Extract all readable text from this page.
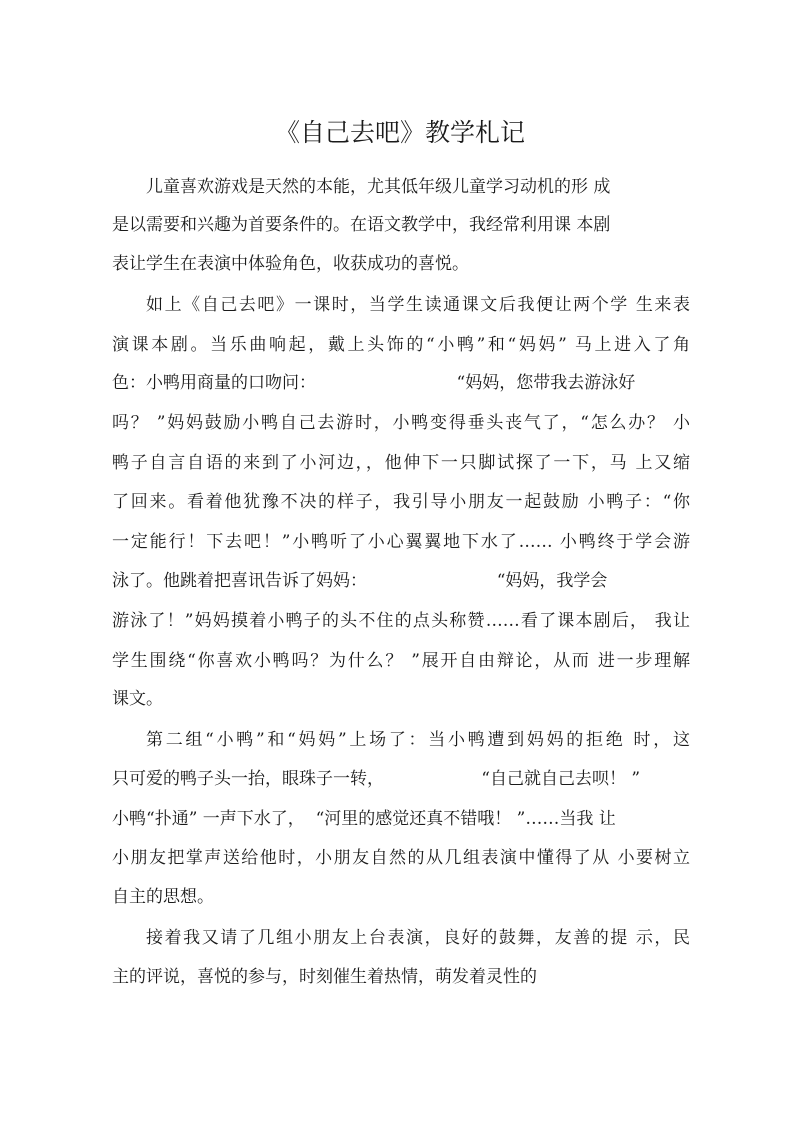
《自己去吧》教学札记
儿童喜欢游戏是天然的本能，尤其低年级儿童学习动机的形 成
是以需要和兴趣为首要条件的。在语文教学中，我经常利用课 本剧
表让学生在表演中体验角色，收获成功的喜悦。
如上《自己去吧》一课时，当学生读通课文后我便让两个学 生来表
演课本剧。当乐曲响起，戴上头饰的“小鸭”和“妈妈” 马上进入了角
色：小鸭用商量的口吻问：                          “妈妈，您带我去游泳好
吗？ ”妈妈鼓励小鸭自己去游时，小鸭变得垂头丧气了，“怎么办？ 小
鸭子自言自语的来到了小河边，，他伸下一只脚试探了一下，马 上又缩
了回来。看着他犹豫不决的样子，我引导小朋友一起鼓励 小鸭子：“你
一定能行！下去吧！”小鸭听了小心翼翼地下水了…… 小鸭终于学会游
泳了。他跳着把喜讯告诉了妈妈：                        “妈妈，我学会
游泳了！”妈妈摸着小鸭子的头不住的点头称赞……看了课本剧后， 我让
学生围绕“你喜欢小鸭吗？为什么？ ”展开自由辩论，从而 进一步理解
课文。
第二组“小鸭”和“妈妈”上场了：当小鸭遭到妈妈的拒绝 时，这
只可爱的鸭子头一抬，眼珠子一转，                  “自己就自己去呗！ ”
小鸭“扑通” 一声下水了，  “河里的感觉还真不错哦！ ”……当我 让
小朋友把掌声送给他时，小朋友自然的从几组表演中懂得了从 小要树立
自主的思想。
接着我又请了几组小朋友上台表演，良好的鼓舞，友善的提 示，民
主的评说，喜悦的参与，时刻催生着热情，萌发着灵性的
